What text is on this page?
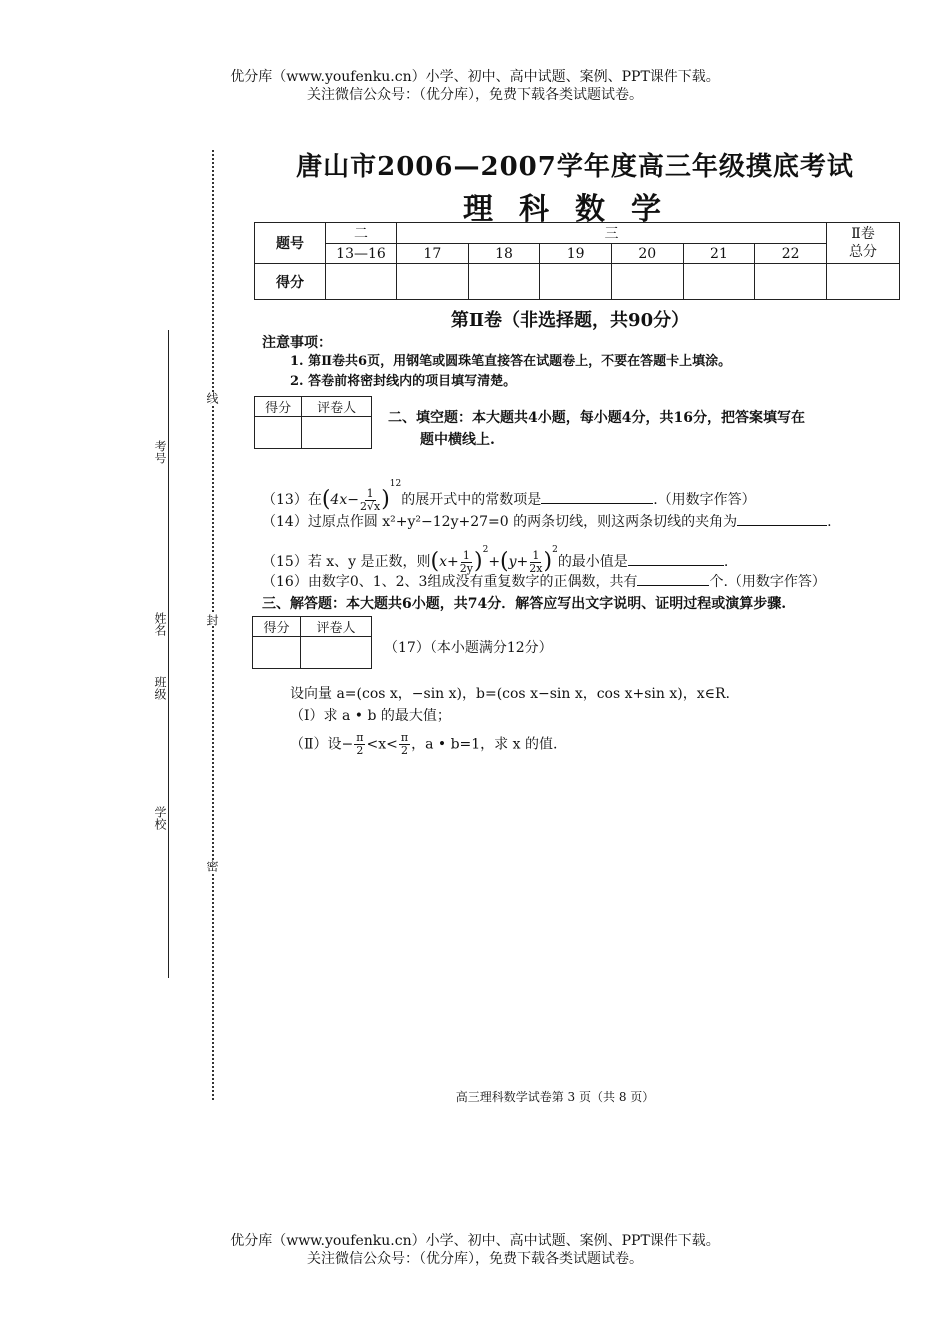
优分库（www.youfenku.cn）小学、初中、高中试题、案例、PPT课件下载。
关注微信公众号：（优分库），免费下载各类试题试卷。
线
封
密
考号
姓名
班级
学校
唐山市2006—2007学年度高三年级摸底考试
理科数学
题号	二	三						Ⅱ卷
总分

	13—16	17	18	19	20	21	22	
得分								
第Ⅱ卷（非选择题，共90分）
注意事项：
1. 第Ⅱ卷共6页，用钢笔或圆珠笔直接答在试题卷上，不要在答题卡上填涂。
2. 答卷前将密封线内的项目填写清楚。
得分	评卷人

二、填空题：本大题共4小题，每小题4分，共16分，把答案填写在
题中横线上.
（13）在$(4x- \frac{1}{2√x} )^{12}$的展开式中的常数项是	.（用数字作答）
（14）过原点作圆 x²+y²−12y+27=0 的两条切线，则这两条切线的夹角为	.
（15）若 x、y 是正数，则$(x+ \frac{1}{2y} )^2+(y+ \frac{1}{2x} )^2$的最小值是	.
（16）由数字0、1、2、3组成没有重复数字的正偶数，共有	个.（用数字作答）
三、解答题：本大题共6小题，共74分．解答应写出文字说明、证明过程或演算步骤.
得分	评卷人

（17）（本小题满分12分）
设向量 a=(cos x，−sin x)，b=(cos x−sin x，cos x+sin x)，x∈R.
（Ⅰ）求 a • b 的最大值；
（Ⅱ）设− $\frac{\pi}{2} <x< \frac{\pi}{2}$ ，a • b=1，求 x 的值.
高三理科数学试卷第 3 页（共 8 页）
优分库（www.youfenku.cn）小学、初中、高中试题、案例、PPT课件下载。
关注微信公众号：（优分库），免费下载各类试题试卷。
